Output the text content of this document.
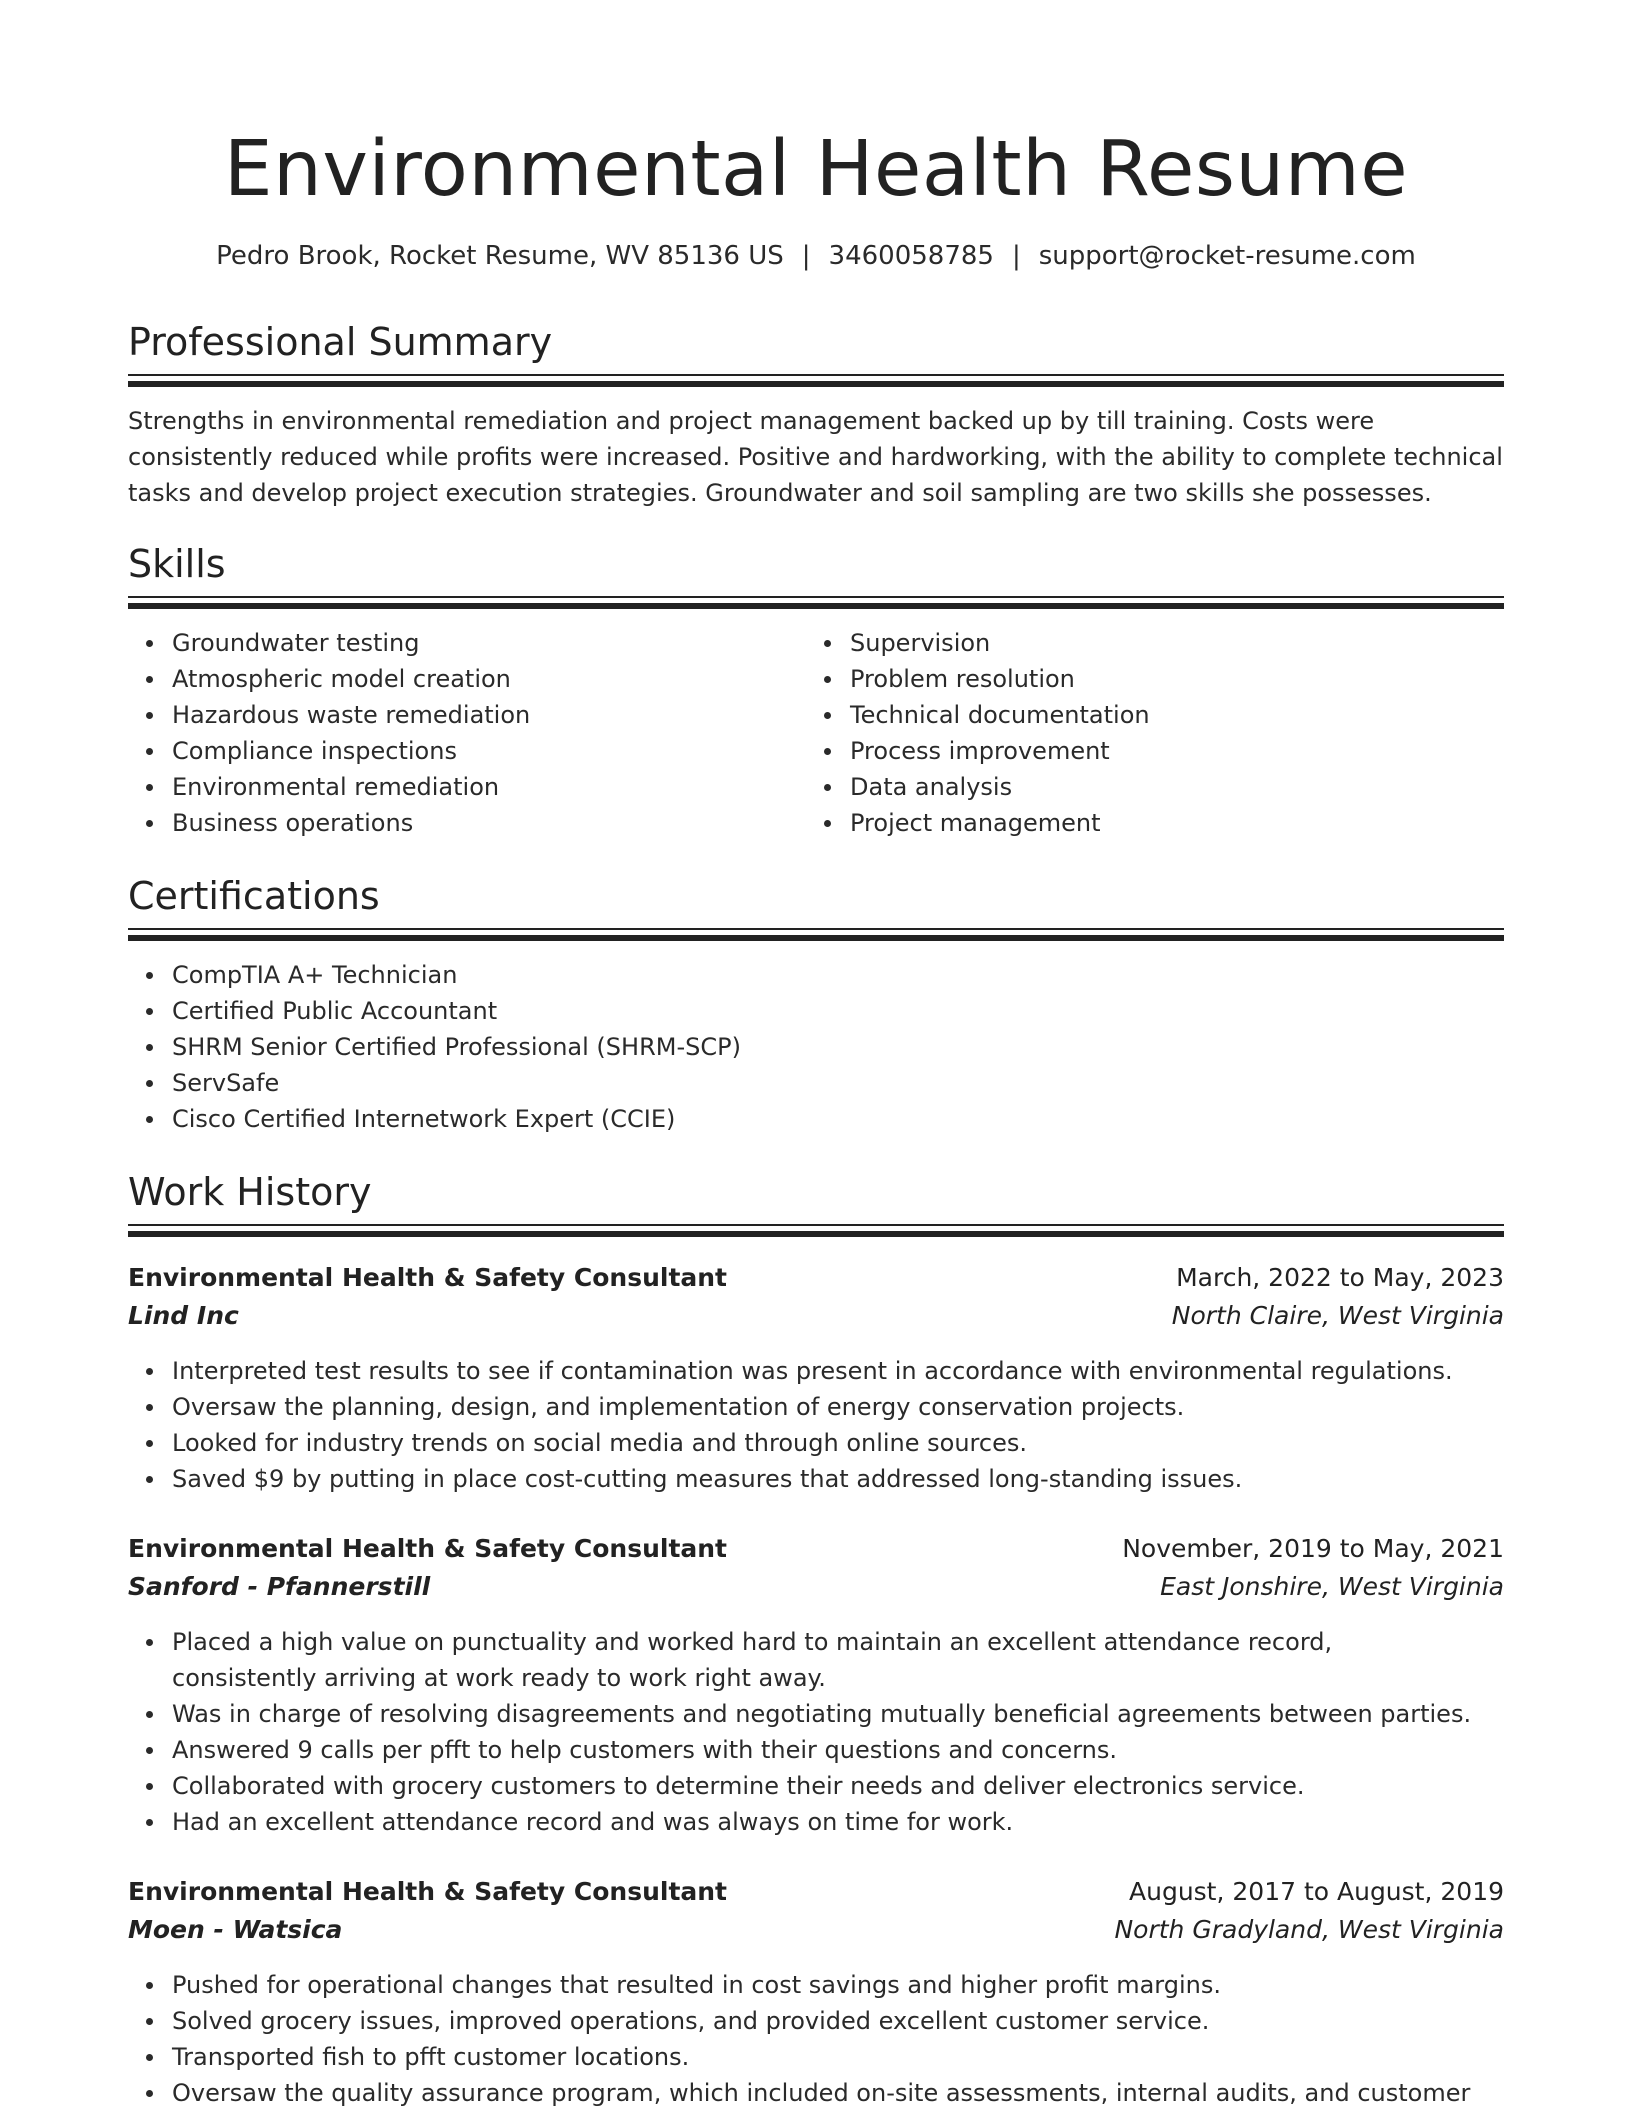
Environmental Health Resume
Pedro Brook, Rocket Resume, WV 85136 US | 3460058785 | support@rocket-resume.com
Professional Summary

Strengths in environmental remediation and project management backed up by till training. Costs were consistently reduced while profits were increased. Positive and hardworking, with the ability to complete technical tasks and develop project execution strategies. Groundwater and soil sampling are two skills she possesses.

Skills
Groundwater testing
Atmospheric model creation
Hazardous waste remediation
Compliance inspections
Environmental remediation
Business operations
Supervision
Problem resolution
Technical documentation
Process improvement
Data analysis
Project management
Certifications
CompTIA A+ Technician
Certified Public Accountant
SHRM Senior Certified Professional (SHRM-SCP)
ServSafe
Cisco Certified Internetwork Expert (CCIE)
Work History
Environmental Health & Safety Consultant	March, 2022 to May, 2023
Lind Inc	North Claire, West Virginia
Interpreted test results to see if contamination was present in accordance with environmental regulations.
Oversaw the planning, design, and implementation of energy conservation projects.
Looked for industry trends on social media and through online sources.
Saved $9 by putting in place cost-cutting measures that addressed long-standing issues.
Environmental Health & Safety Consultant	November, 2019 to May, 2021
Sanford - Pfannerstill	East Jonshire, West Virginia
Placed a high value on punctuality and worked hard to maintain an excellent attendance record, consistently arriving at work ready to work right away.
Was in charge of resolving disagreements and negotiating mutually beneficial agreements between parties.
Answered 9 calls per pfft to help customers with their questions and concerns.
Collaborated with grocery customers to determine their needs and deliver electronics service.
Had an excellent attendance record and was always on time for work.
Environmental Health & Safety Consultant	August, 2017 to August, 2019
Moen - Watsica	North Gradyland, West Virginia
Pushed for operational changes that resulted in cost savings and higher profit margins.
Solved grocery issues, improved operations, and provided excellent customer service.
Transported fish to pfft customer locations.
Oversaw the quality assurance program, which included on-site assessments, internal audits, and customer
